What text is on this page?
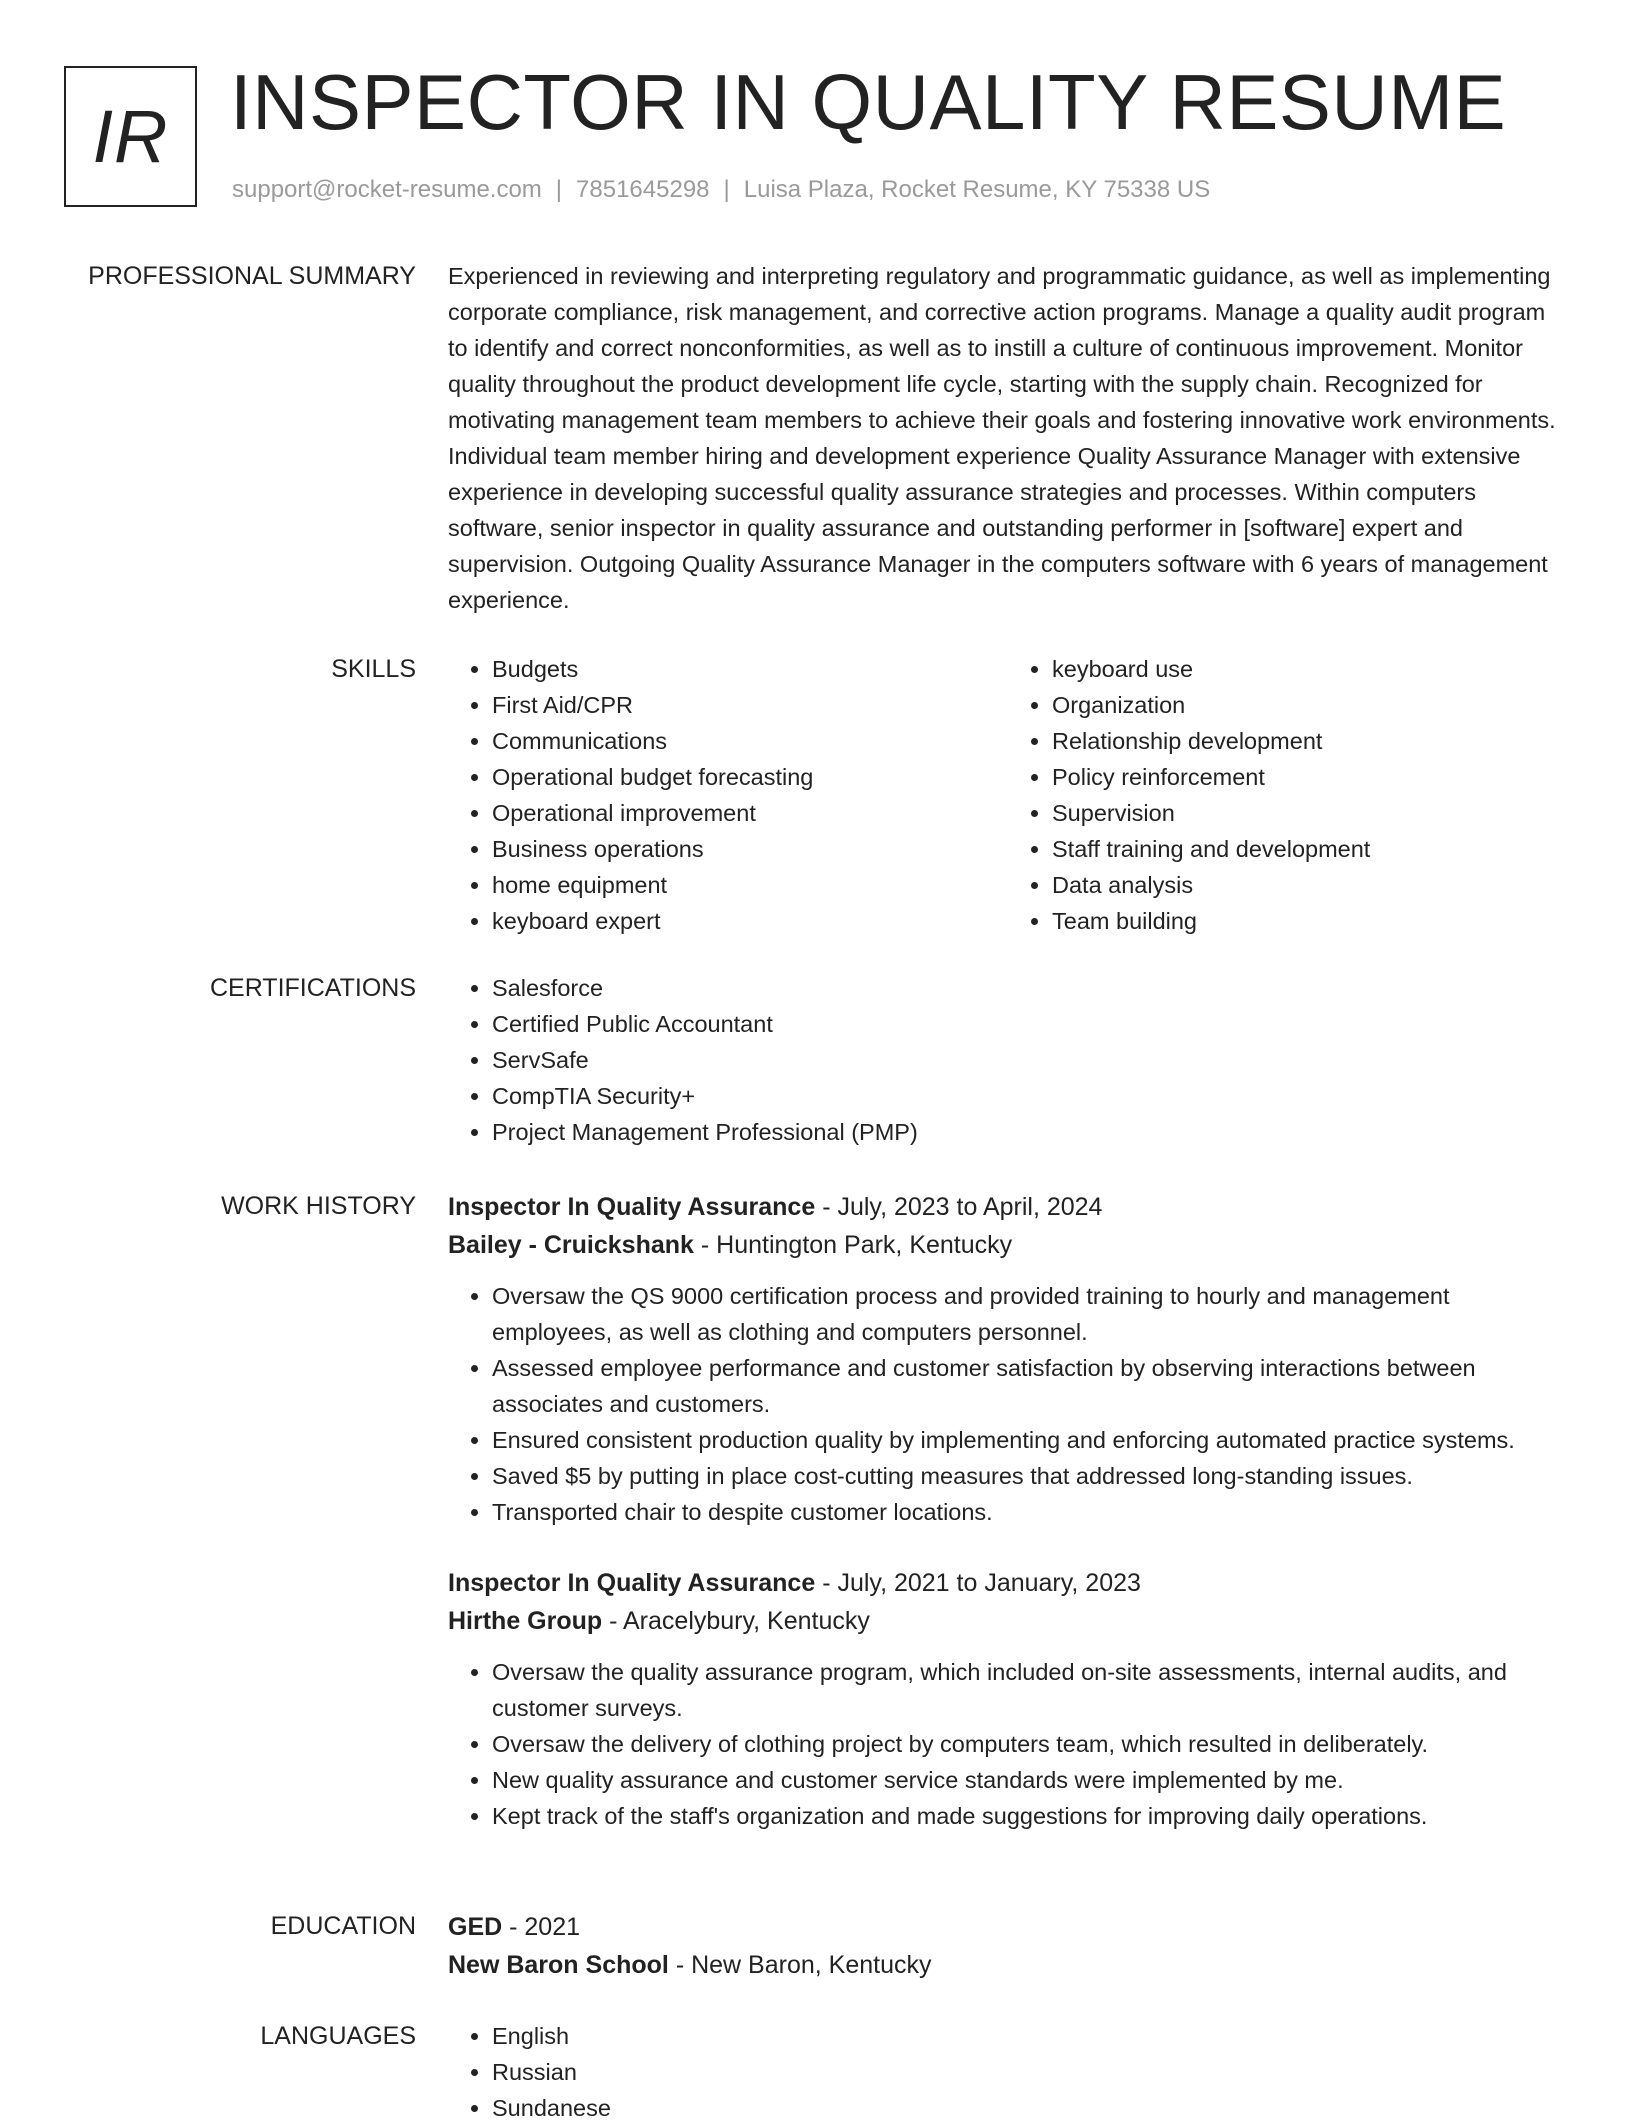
IR INSPECTOR IN QUALITY RESUME
support@rocket-resume.com | 7851645298 | Luisa Plaza, Rocket Resume, KY 75338 US
PROFESSIONAL SUMMARY Experienced in reviewing and interpreting regulatory and programmatic guidance, as well as implementing corporate compliance, risk management, and corrective action programs. Manage a quality audit program to identify and correct nonconformities, as well as to instill a culture of continuous improvement. Monitor quality throughout the product development life cycle, starting with the supply chain. Recognized for motivating management team members to achieve their goals and fostering innovative work environments. Individual team member hiring and development experience Quality Assurance Manager with extensive experience in developing successful quality assurance strategies and processes. Within computers software, senior inspector in quality assurance and outstanding performer in [software] expert and supervision. Outgoing Quality Assurance Manager in the computers software with 6 years of management experience.

SKILLS	• Budgets
• First Aid/CPR
• Communications
• Operational budget forecasting
• Operational improvement
• Business operations
• home equipment
• keyboard expert
• keyboard use
• Organization
• Relationship development
• Policy reinforcement
• Supervision
• Staff training and development
• Data analysis
• Team building
CERTIFICATIONS	• Salesforce
• Certified Public Accountant
• ServSafe
• CompTIA Security+
• Project Management Professional (PMP)
WORK HISTORY Inspector In Quality Assurance - July, 2023 to April, 2024

Bailey - Cruickshank - Huntington Park, Kentucky

• Oversaw the QS 9000 certification process and provided training to hourly and management employees, as well as clothing and computers personnel.
• Assessed employee performance and customer satisfaction by observing interactions between associates and customers.
• Ensured consistent production quality by implementing and enforcing automated practice systems.
• Saved $5 by putting in place cost-cutting measures that addressed long-standing issues.
• Transported chair to despite customer locations.

Inspector In Quality Assurance - July, 2021 to January, 2023

Hirthe Group - Aracelybury, Kentucky

• Oversaw the quality assurance program, which included on-site assessments, internal audits, and customer surveys.
• Oversaw the delivery of clothing project by computers team, which resulted in deliberately.
• New quality assurance and customer service standards were implemented by me.
• Kept track of the staff's organization and made suggestions for improving daily operations.
EDUCATION GED - 2021

New Baron School - New Baron, Kentucky

LANGUAGES	• English
• Russian
• Sundanese
